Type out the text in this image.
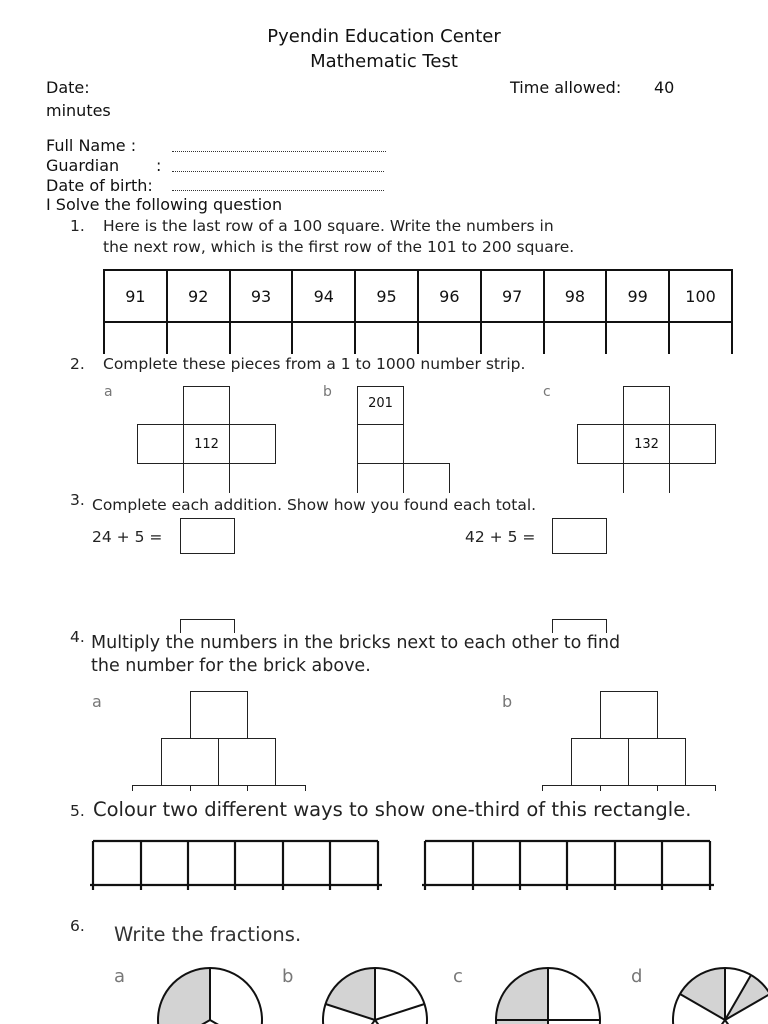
Pyendin Education Center
Mathematic Test
Date:	Time allowed: 40
minutes
Full Name :
Guardian :
Date of birth:
I Solve the following question
1. Here is the last row of a 100 square. Write the numbers in
the next row, which is the first row of the 101 to 200 square.
91	92	93	94	95	96	97	98	99	100

2. Complete these pieces from a 1 to 1000 number strip.
a
112
b
201
c
132
3. Complete each addition. Show how you found each total.
24 + 5 =	42 + 5 =
4. Multiply the numbers in the bricks next to each other to find
the number for the brick above.
a	b
5. Colour two different ways to show one-third of this rectangle.
6. Write the fractions.
a	b	c	d
